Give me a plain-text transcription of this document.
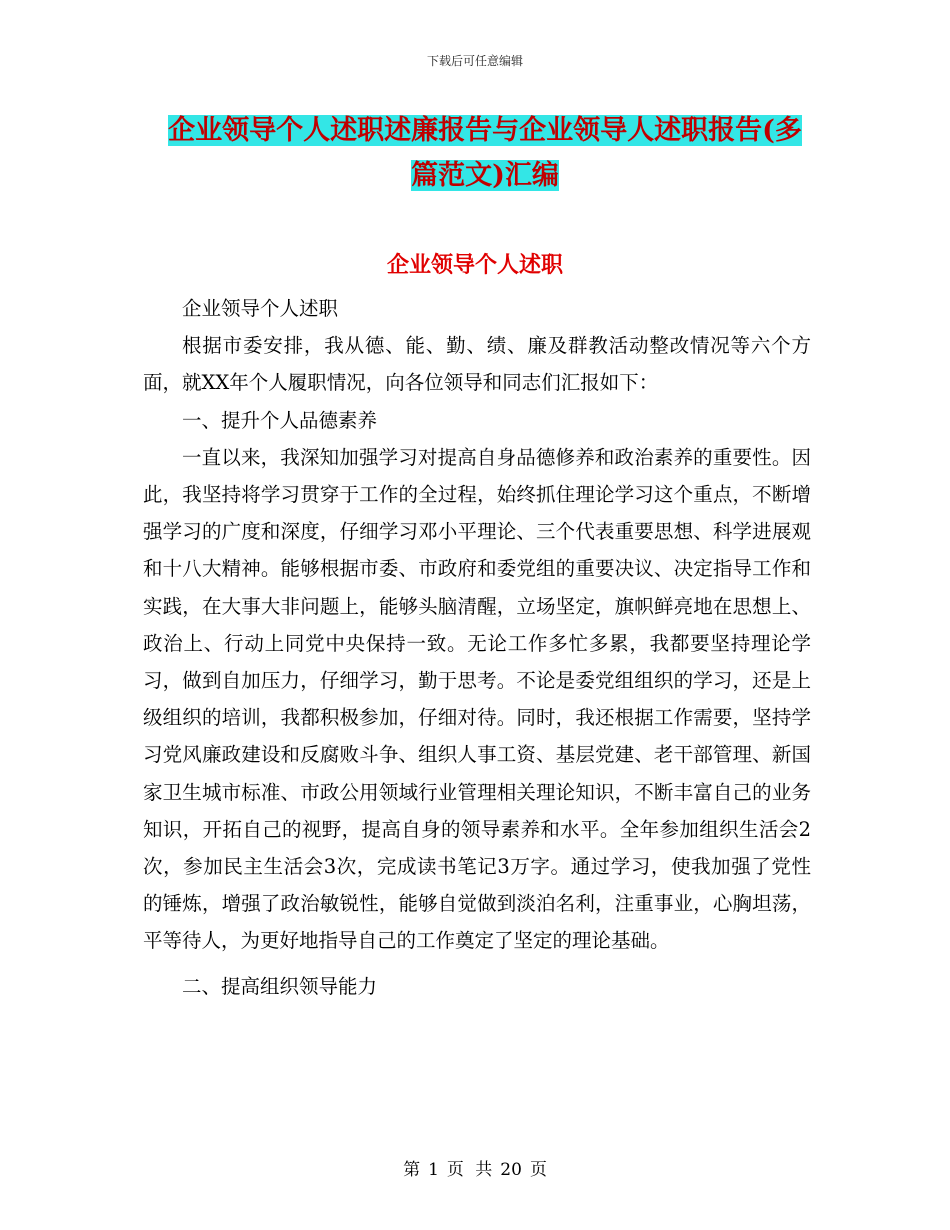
下载后可任意编辑
企业领导个人述职述廉报告与企业领导人述职报告(多
篇范文)汇编
企业领导个人述职

企业领导个人述职

根据市委安排，我从德、能、勤、绩、廉及群教活动整改情况等六个方面，就XX年个人履职情况，向各位领导和同志们汇报如下：

一、提升个人品德素养

一直以来，我深知加强学习对提高自身品德修养和政治素养的重要性。因此，我坚持将学习贯穿于工作的全过程，始终抓住理论学习这个重点，不断增强学习的广度和深度，仔细学习邓小平理论、三个代表重要思想、科学进展观和十八大精神。能够根据市委、市政府和委党组的重要决议、决定指导工作和实践，在大事大非问题上，能够头脑清醒，立场坚定，旗帜鲜亮地在思想上、政治上、行动上同党中央保持一致。无论工作多忙多累，我都要坚持理论学习，做到自加压力，仔细学习，勤于思考。不论是委党组组织的学习，还是上级组织的培训，我都积极参加，仔细对待。同时，我还根据工作需要，坚持学习党风廉政建设和反腐败斗争、组织人事工资、基层党建、老干部管理、新国家卫生城市标准、市政公用领域行业管理相关理论知识，不断丰富自己的业务知识，开拓自己的视野，提高自身的领导素养和水平。全年参加组织生活会2次，参加民主生活会3次，完成读书笔记3万字。通过学习，使我加强了党性的锤炼，增强了政治敏锐性，能够自觉做到淡泊名利，注重事业，心胸坦荡，平等待人，为更好地指导自己的工作奠定了坚定的理论基础。

二、提高组织领导能力

第 1 页 共 20 页
